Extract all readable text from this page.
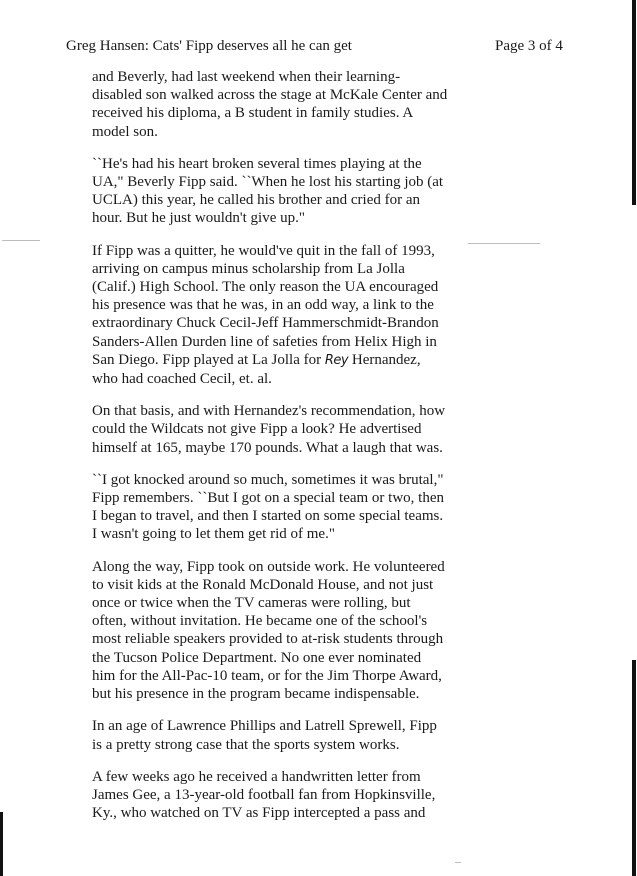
Greg Hansen: Cats' Fipp deserves all he can get	Page 3 of 4

and Beverly, had last weekend when their learning-disabled son walked across the stage at McKale Center and received his diploma, a B student in family studies. A model son.

``He's had his heart broken several times playing at the UA," Beverly Fipp said. ``When he lost his starting job (at UCLA) this year, he called his brother and cried for an hour. But he just wouldn't give up."

If Fipp was a quitter, he would've quit in the fall of 1993, arriving on campus minus scholarship from La Jolla (Calif.) High School. The only reason the UA encouraged his presence was that he was, in an odd way, a link to the extraordinary Chuck Cecil-Jeff Hammerschmidt-Brandon Sanders-Allen Durden line of safeties from Helix High in San Diego. Fipp played at La Jolla for Rey Hernandez, who had coached Cecil, et. al.

On that basis, and with Hernandez's recommendation, how could the Wildcats not give Fipp a look? He advertised himself at 165, maybe 170 pounds. What a laugh that was.

``I got knocked around so much, sometimes it was brutal," Fipp remembers. ``But I got on a special team or two, then I began to travel, and then I started on some special teams. I wasn't going to let them get rid of me."

Along the way, Fipp took on outside work. He volunteered to visit kids at the Ronald McDonald House, and not just once or twice when the TV cameras were rolling, but often, without invitation. He became one of the school's most reliable speakers provided to at-risk students through the Tucson Police Department. No one ever nominated him for the All-Pac-10 team, or for the Jim Thorpe Award, but his presence in the program became indispensable.

In an age of Lawrence Phillips and Latrell Sprewell, Fipp is a pretty strong case that the sports system works.

A few weeks ago he received a handwritten letter from James Gee, a 13-year-old football fan from Hopkinsville, Ky., who watched on TV as Fipp intercepted a pass and
